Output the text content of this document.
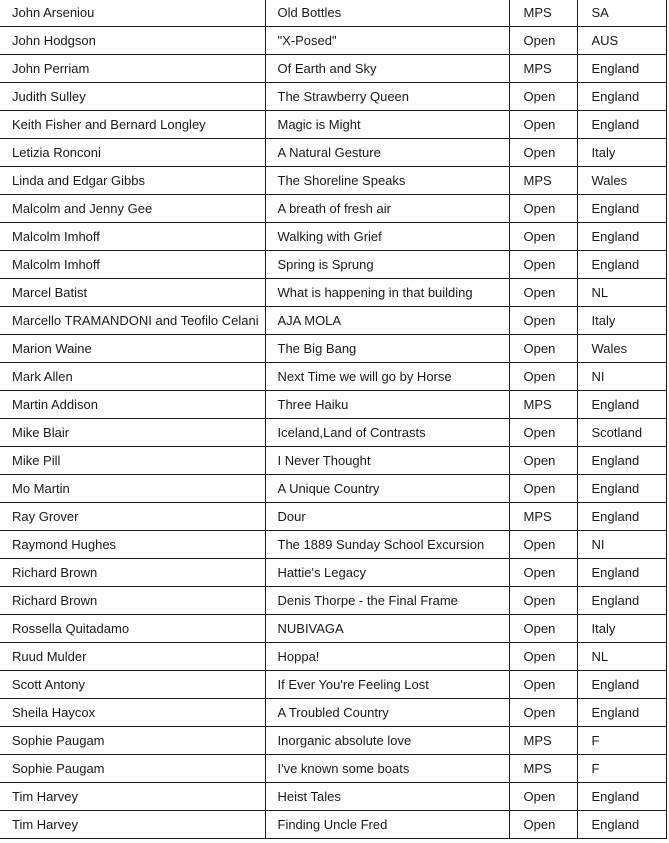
John Arseniou	Old Bottles	MPS	SA
John Hodgson	"X-Posed"	Open	AUS
John Perriam	Of Earth and Sky	MPS	England
Judith Sulley	The Strawberry Queen	Open	England
Keith Fisher and Bernard Longley	Magic is Might	Open	England
Letizia Ronconi	A Natural Gesture	Open	Italy
Linda and Edgar Gibbs	The Shoreline Speaks	MPS	Wales
Malcolm and Jenny Gee	A breath of fresh air	Open	England
Malcolm Imhoff	Walking with Grief	Open	England
Malcolm Imhoff	Spring is Sprung	Open	England
Marcel Batist	What is happening in that building	Open	NL
Marcello TRAMANDONI and Teofilo Celani	AJA MOLA	Open	Italy
Marion Waine	The Big Bang	Open	Wales
Mark Allen	Next Time we will go by Horse	Open	NI
Martin Addison	Three Haiku	MPS	England
Mike Blair	Iceland,Land of Contrasts	Open	Scotland
Mike Pill	I Never Thought	Open	England
Mo Martin	A Unique Country	Open	England
Ray Grover	Dour	MPS	England
Raymond Hughes	The 1889 Sunday School Excursion	Open	NI
Richard Brown	Hattie's Legacy	Open	England
Richard Brown	Denis Thorpe - the Final Frame	Open	England
Rossella Quitadamo	NUBIVAGA	Open	Italy
Ruud Mulder	Hoppa!	Open	NL
Scott Antony	If Ever You're Feeling Lost	Open	England
Sheila Haycox	A Troubled Country	Open	England
Sophie Paugam	Inorganic absolute love	MPS	F
Sophie Paugam	I've known some boats	MPS	F
Tim Harvey	Heist Tales	Open	England
Tim Harvey	Finding Uncle Fred	Open	England
